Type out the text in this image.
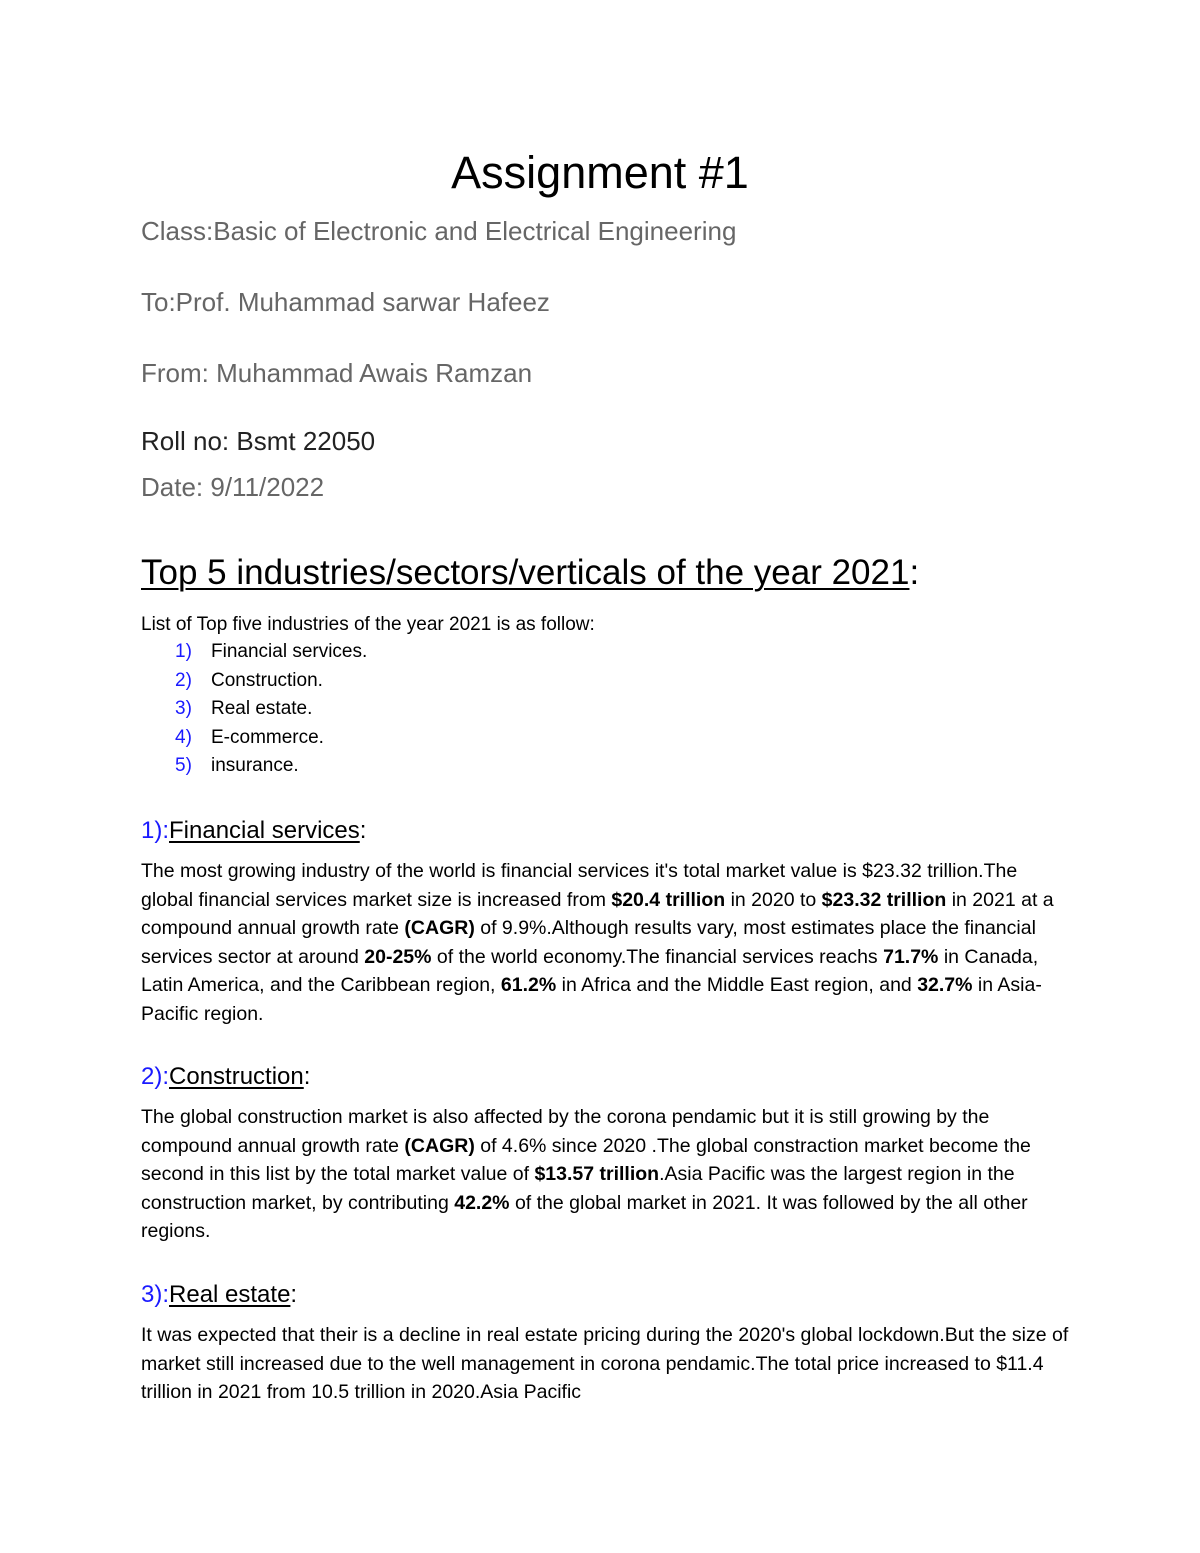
Assignment #1
Class:Basic of Electronic and Electrical Engineering
To:Prof. Muhammad sarwar Hafeez
From: Muhammad Awais Ramzan
Roll no: Bsmt 22050
Date: 9/11/2022
Top 5 industries/sectors/verticals of the year 2021:
List of Top five industries of the year 2021 is as follow:
1) Financial services.
2) Construction.
3) Real estate.
4) E-commerce.
5) insurance.
1):Financial services:
The most growing industry of the world is financial services it's total market value is $23.32 trillion.The global financial services market size is increased from $20.4 trillion in 2020 to $23.32 trillion in 2021 at a compound annual growth rate (CAGR) of 9.9%.Although results vary, most estimates place the financial services sector at around 20-25% of the world economy.The financial services reachs 71.7% in Canada, Latin America, and the Caribbean region, 61.2% in Africa and the Middle East region, and 32.7% in Asia-Pacific region.
2):Construction:
The global construction market is also affected by the corona pendamic but it is still growing by the compound annual growth rate (CAGR) of 4.6% since 2020 .The global constraction market become the second in this list by the total market value of $13.57 trillion.Asia Pacific was the largest region in the construction market, by contributing 42.2% of the global market in 2021. It was followed by the all other regions.
3):Real estate:
It was expected that their is a decline in real estate pricing during the 2020's global lockdown.But the size of market still increased due to the well management in corona pendamic.The total price increased to $11.4 trillion in 2021 from 10.5 trillion in 2020.Asia Pacific
